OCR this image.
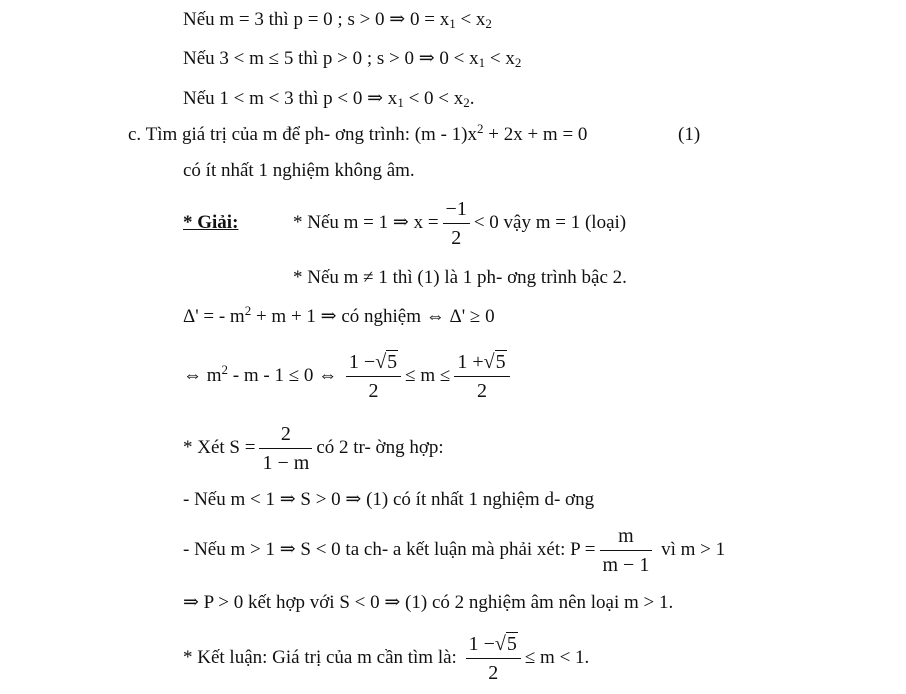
Nếu m = 3 thì p = 0 ; s > 0 ⇒ $0 = x_1 < x_2$
Nếu 3 < m ≤ 5 thì p > 0 ; s > 0 ⇒ $0 < x_1 < x_2$
Nếu 1 < m < 3 thì p < 0 ⇒ $x_1 < 0 < x_2$.
c. Tìm giá trị của m để ph- ơng trình: $(m - 1)x^2 + 2x + m = 0$	(1)
có ít nhất 1 nghiệm không âm.
* Giải:	* Nếu m = 1 ⇒ $x = \frac{-1}{2} < 0$ vậy m = 1 (loại)
* Nếu m ≠ 1 thì (1) là 1 ph- ơng trình bậc 2.
Δ' = - $m^2 + m + 1$ ⇒ có nghiệm ⇔ Δ' ≥ 0
⇔ $m^2 - m - 1 \le 0$ ⇔ $\frac{1 -√5}{2} \le m \le \frac{1 +√5}{2}$
* Xét $S = \frac{2}{1 - m}$ có 2 tr- ờng hợp:
- Nếu m < 1 ⇒ S > 0 ⇒ (1) có ít nhất 1 nghiệm d- ơng
- Nếu m > 1 ⇒ S < 0 ta ch- a kết luận mà phải xét: $P = \frac{m}{m - 1}$ vì m > 1
⇒ P > 0 kết hợp với S < 0 ⇒ (1) có 2 nghiệm âm nên loại m > 1.
* Kết luận: Giá trị của m cần tìm là: $\frac{1 -√5}{2} \le m < 1$.
